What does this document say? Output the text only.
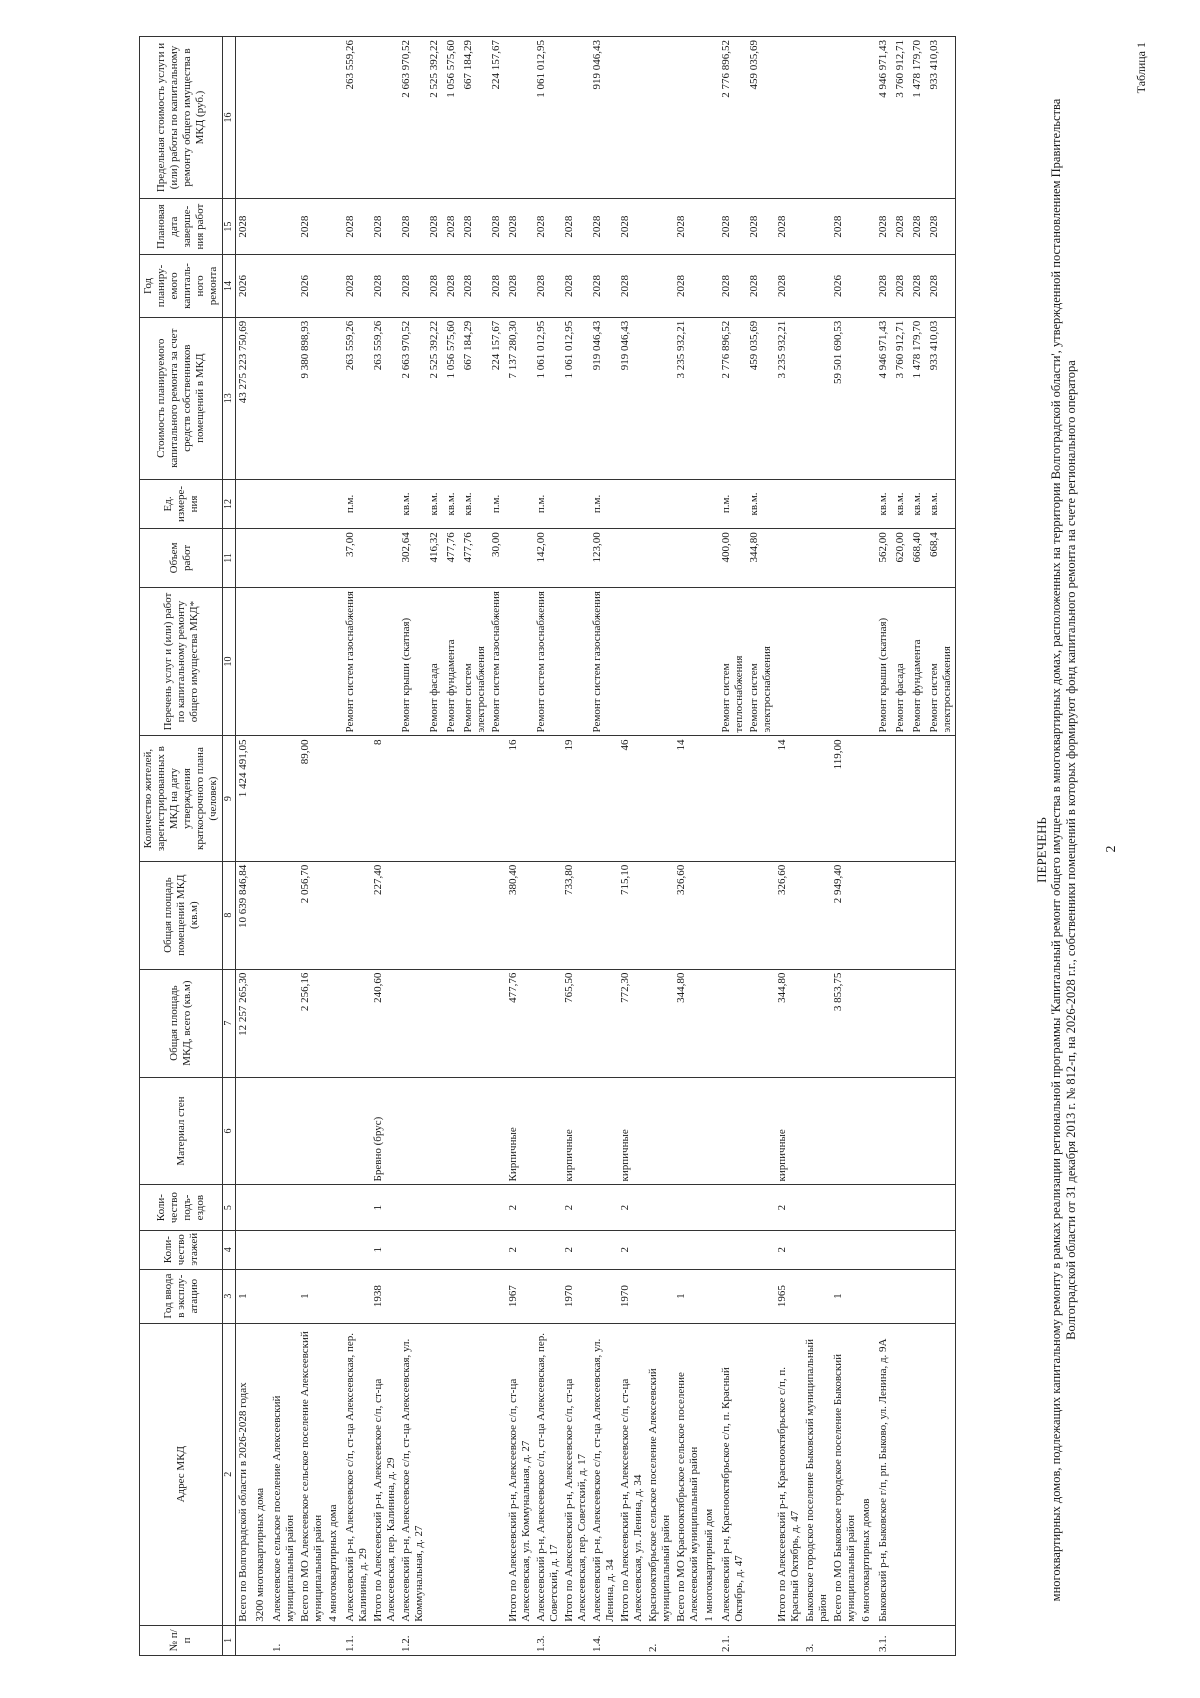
2
Таблица 1
ПЕРЕЧЕНЬ многоквартирных домов, подлежащих капитальному ремонту в рамках реализации региональной программы 'Капитальный ремонт общего имущества в многоквартирных домах, расположенных на территории Волгоградской области', утвержденной постановлением Правительства Волгоградской области от 31 декабря 2013 г. № 812-п, на 2026-2028 г.г., собственники помещений в которых формируют фонд капитального ремонта на счете регионального оператора
№ п/п	Адрес МКД	Год ввода в эксплу-атацию	Коли-чество этажей	Коли-чество подъ-ездов	Материал стен	Общая площадь МКД, всего (кв.м)	Общая площадь помещений МКД (кв.м)	Количество жителей, зарегистрированных в МКД на дату утверждения краткосрочного плана (человек)	Перечень услуг и (или) работ по капитальному ремонту общего имущества МКД*	Объем работ	Ед. измере-ния	Стоимость планируемого капитального ремонта за счет средств собственников помещений в МКД	Год планиру-емого капиталь-ного ремонта	Плановая дата заверше-ния работ	Предельная стоимость услуги и (или) работы по капитальному ремонту общего имущества в МКД (руб.)
1	2	3	4	5	6	7	8	9	10	11	12	13	14	15	16
	Всего по Волгоградской области в 2026-2028 годах	1				12 257 265,30	10 639 846,84	1 424 491,05				43 275 223 750,69	2026	2028	
	3200 многоквартирных дома														
1.	Алексеевское сельское поселение Алексеевский муниципальный район														
	Всего по МО Алексеевское сельское поселение Алексеевский муниципальный район	1				2 256,16	2 056,70	89,00				9 380 898,93	2026	2028	
	4 многоквартирных дома														
1.1.	Алексеевский р-н, Алексеевское с/п, ст-ца Алексеевская, пер. Калинина, д. 29								Ремонт систем газоснабжения	37,00	п.м.	263 559,26	2028	2028	263 559,26
	Итого по Алексеевский р-н, Алексеевское с/п, ст-ца Алексеевская, пер. Калинина, д. 29	1938	1	1	Бревно (брус)	240,60	227,40	8				263 559,26	2028	2028	
1.2.	Алексеевский р-н, Алексеевское с/п, ст-ца Алексеевская, ул. Коммунальная, д. 27								Ремонт крыши (скатная)	302,64	кв.м.	2 663 970,52	2028	2028	2 663 970,52
									Ремонт фасада	416,32	кв.м.	2 525 392,22	2028	2028	2 525 392,22
									Ремонт фундамента	477,76	кв.м.	1 056 575,60	2028	2028	1 056 575,60
									Ремонт систем электроснабжения	477,76	кв.м.	667 184,29	2028	2028	667 184,29
									Ремонт систем газоснабжения	30,00	п.м.	224 157,67	2028	2028	224 157,67
	Итого по Алексеевский р-н, Алексеевское с/п, ст-ца Алексеевская, ул. Коммунальная, д. 27	1967	2	2	Кирпичные	477,76	380,40	16				7 137 280,30	2028	2028	
1.3.	Алексеевский р-н, Алексеевское с/п, ст-ца Алексеевская, пер. Советский, д. 17								Ремонт систем газоснабжения	142,00	п.м.	1 061 012,95	2028	2028	1 061 012,95
	Итого по Алексеевский р-н, Алексеевское с/п, ст-ца Алексеевская, пер. Советский, д. 17	1970	2	2	кирпичные	765,50	733,80	19				1 061 012,95	2028	2028	
1.4.	Алексеевский р-н, Алексеевское с/п, ст-ца Алексеевская, ул. Ленина, д. 34								Ремонт систем газоснабжения	123,00	п.м.	919 046,43	2028	2028	919 046,43
	Итого по Алексеевский р-н, Алексеевское с/п, ст-ца Алексеевская, ул. Ленина, д. 34	1970	2	2	кирпичные	772,30	715,10	46				919 046,43	2028	2028	
2.	Краснооктябрьское сельское поселение Алексеевский муниципальный район														
	Всего по МО Краснооктябрьское сельское поселение Алексеевский муниципальный район	1				344,80	326,60	14				3 235 932,21	2028	2028	
	1 многоквартирный дом														
2.1.	Алексеевский р-н, Краснооктябрьское с/п, п. Красный Октябрь, д. 47								Ремонт систем теплоснабжения	400,00	п.м.	2 776 896,52	2028	2028	2 776 896,52
									Ремонт систем электроснабжения	344,80	кв.м.	459 035,69	2028	2028	459 035,69
	Итого по Алексеевский р-н, Краснооктябрьское с/п, п. Красный Октябрь, д. 47	1965	2	2	кирпичные	344,80	326,60	14				3 235 932,21	2028	2028	
3.	Быковское городское поселение Быковский муниципальный район														
	Всего по МО Быковское городское поселение Быковский муниципальный район	1				3 853,75	2 949,40	119,00				59 501 690,53	2026	2028	
	6 многоквартирных домов														
3.1.	Быковский р-н, Быковское г/п, рп. Быково, ул. Ленина, д. 9А								Ремонт крыши (скатная)	562,00	кв.м.	4 946 971,43	2028	2028	4 946 971,43
									Ремонт фасада	620,00	кв.м.	3 760 912,71	2028	2028	3 760 912,71
									Ремонт фундамента	668,40	кв.м.	1 478 179,70	2028	2028	1 478 179,70
									Ремонт систем электроснабжения	668,4	кв.м.	933 410,03	2028	2028	933 410,03
